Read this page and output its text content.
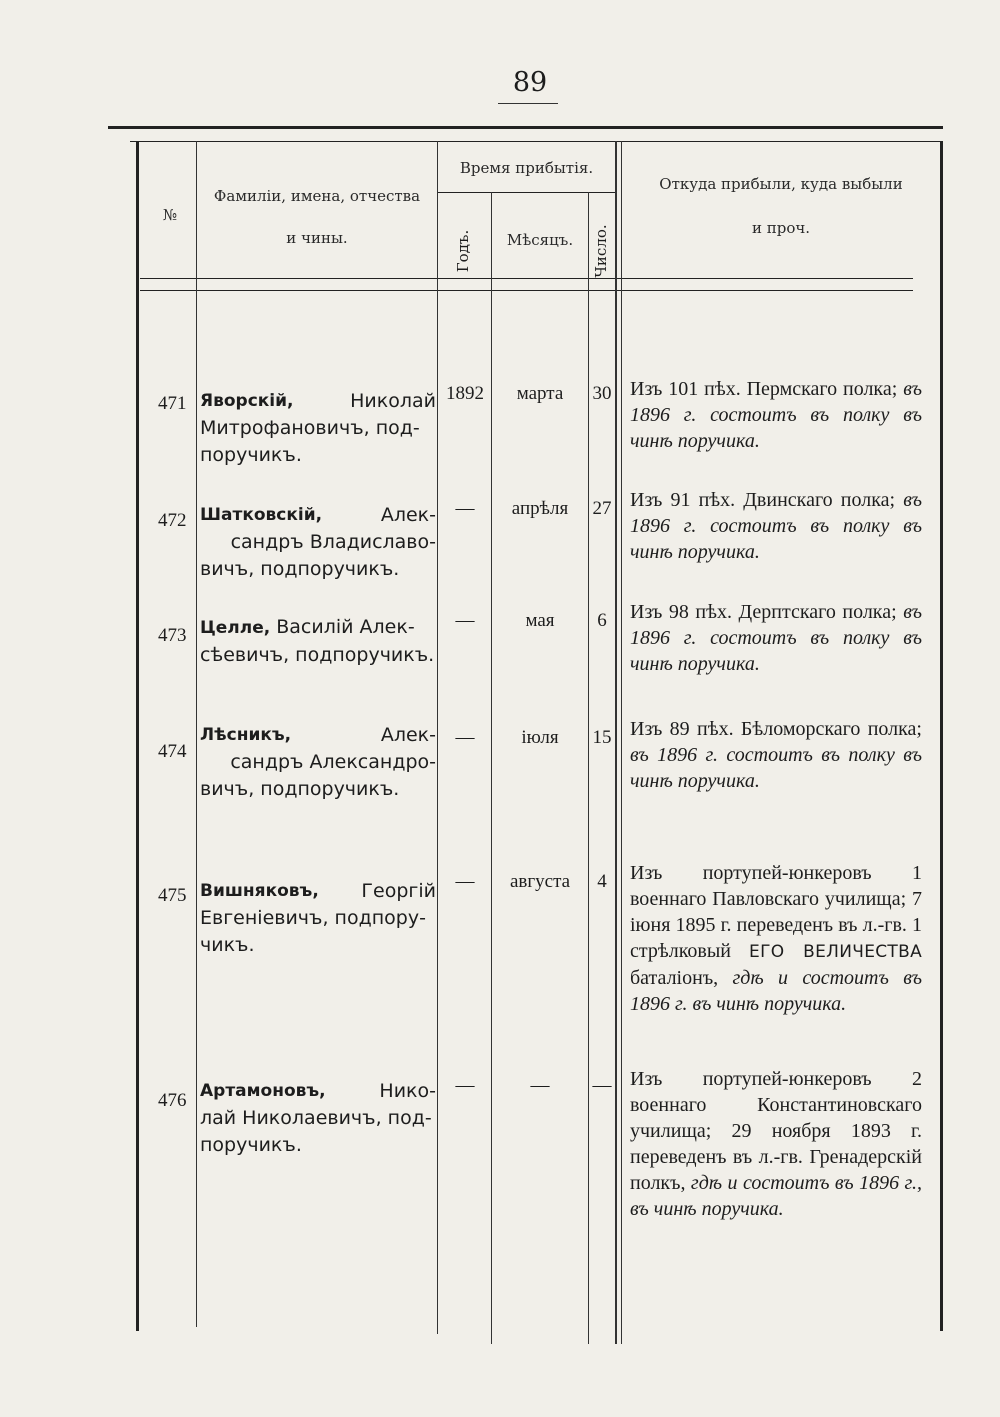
89
№
Фамиліи, имена, отчества
и чины.
Время прибытія.
Годъ.	Мѣсяцъ.	Число.
Откуда прибыли, куда выбыли
и проч.
471 Яворскій,	Николай
Митрофановичъ, под-
поручикъ.
1892	марта	30 Изъ 101 пѣх. Пермскаго полка; въ 1896 г. состоитъ въ полку въ чинѣ поручика.
472 Шатковскій,	Алек-
сандръ Владиславо-
вичъ, подпоручикъ.
—	апрѣля	27 Изъ 91 пѣх. Двинскаго полка; въ 1896 г. состоитъ въ полку въ чинѣ поручика.
473 Целле, Василій Алек-
сѣевичъ, подпоручикъ.
—	мая	6	Изъ 98 пѣх. Дерптскаго полка; въ 1896 г. состоитъ въ полку въ чинѣ поручика.
474
Лѣсникъ,	Алек-
сандръ Александро-
вичъ, подпоручикъ.
—	іюля	15 Изъ 89 пѣх. Бѣломорскаго полка; въ 1896 г. состоитъ въ полку въ чинѣ поручика.
475 Вишняковъ, Георгій
Евгеніевичъ, подпору-
чикъ.
—	августа	4	Изъ портупей-юнкеровъ 1 военнаго Павловскаго училища; 7 іюня 1895 г. переведенъ въ л.-гв. 1 стрѣлковый ЕГО ВЕЛИЧЕСТВА баталіонъ, гдѣ и состоитъ въ 1896 г. въ чинѣ поручика.
476 Артамоновъ,	Нико-
лай Николаевичъ, под-
поручикъ.
—	—	— Изъ портупей-юнкеровъ 2 военнаго Константиновскаго училища; 29 ноября 1893 г. переведенъ въ л.-гв. Гренадерскій полкъ, гдѣ и состоитъ въ 1896 г., въ чинѣ поручика.
